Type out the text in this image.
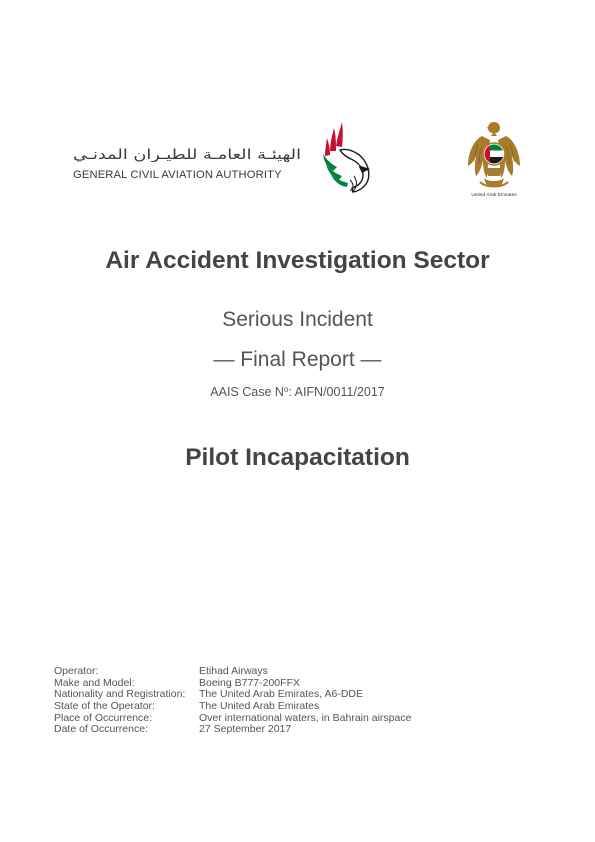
الهيئـة العامـة للطيـران المدنـي
GENERAL CIVIL AVIATION AUTHORITY
United Arab Emirates
Air Accident Investigation Sector
Serious Incident
— Final Report —
AAIS Case $N^o$: AIFN/0011/2017
Pilot Incapacitation
Operator:	Etihad Airways
Make and Model:	Boeing B777-200FFX
Nationality and Registration:	The United Arab Emirates, A6-DDE
State of the Operator:	The United Arab Emirates
Place of Occurrence:	Over international waters, in Bahrain airspace
Date of Occurrence:	27 September 2017
